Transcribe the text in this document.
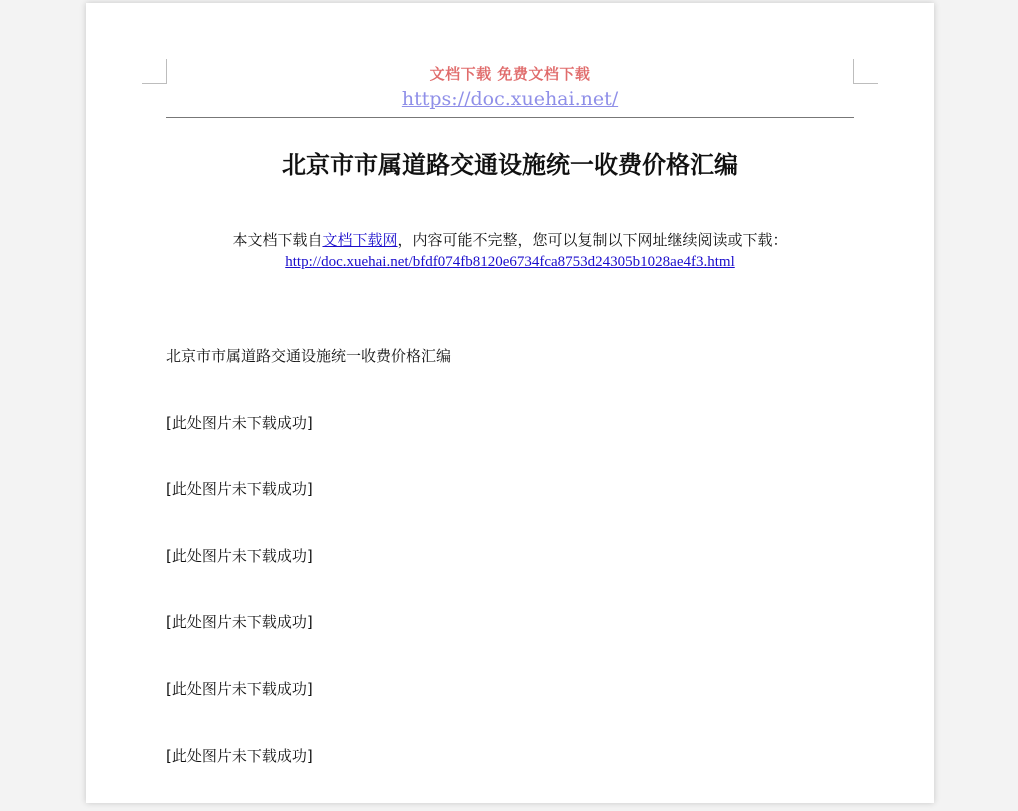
文档下载 免费文档下载
https://doc.xuehai.net/
北京市市属道路交通设施统一收费价格汇编
本文档下载自文档下载网，内容可能不完整，您可以复制以下网址继续阅读或下载：
http://doc.xuehai.net/bfdf074fb8120e6734fca8753d24305b1028ae4f3.html
北京市市属道路交通设施统一收费价格汇编
[此处图片未下载成功]
[此处图片未下载成功]
[此处图片未下载成功]
[此处图片未下载成功]
[此处图片未下载成功]
[此处图片未下载成功]
